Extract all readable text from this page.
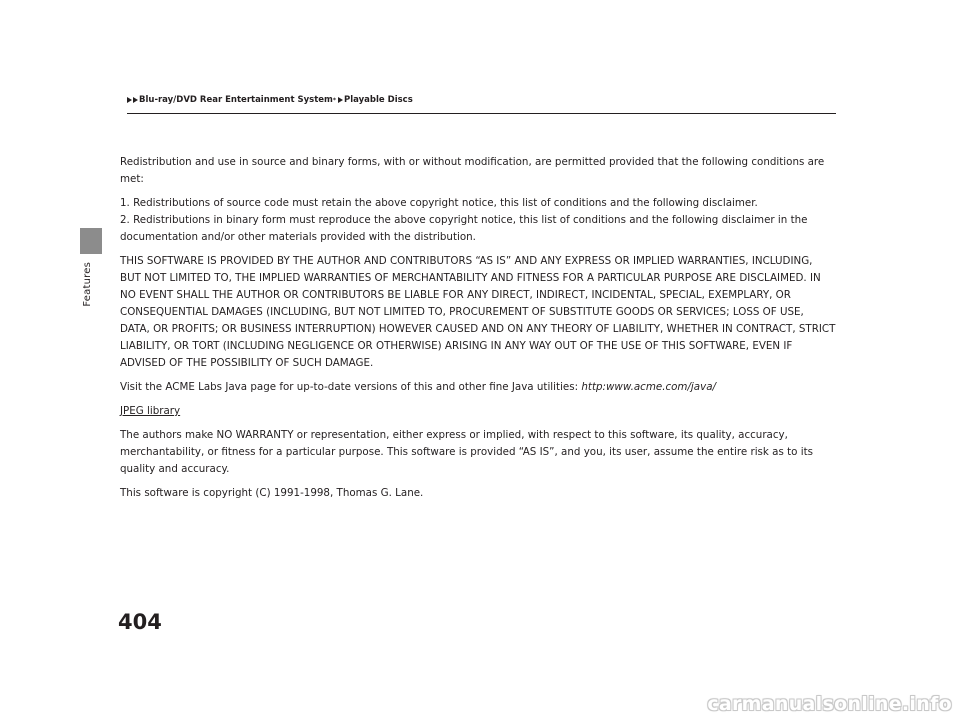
Blu-ray/DVD Rear Entertainment System * Playable Discs
Features

Redistribution and use in source and binary forms, with or without modification, are permitted provided that the following conditions are met:

1. Redistributions of source code must retain the above copyright notice, this list of conditions and the following disclaimer.

2. Redistributions in binary form must reproduce the above copyright notice, this list of conditions and the following disclaimer in the documentation and/or other materials provided with the distribution.

THIS SOFTWARE IS PROVIDED BY THE AUTHOR AND CONTRIBUTORS “AS IS” AND ANY EXPRESS OR IMPLIED WARRANTIES, INCLUDING, BUT NOT LIMITED TO, THE IMPLIED WARRANTIES OF MERCHANTABILITY AND FITNESS FOR A PARTICULAR PURPOSE ARE DISCLAIMED. IN NO EVENT SHALL THE AUTHOR OR CONTRIBUTORS BE LIABLE FOR ANY DIRECT, INDIRECT, INCIDENTAL, SPECIAL, EXEMPLARY, OR CONSEQUENTIAL DAMAGES (INCLUDING, BUT NOT LIMITED TO, PROCUREMENT OF SUBSTITUTE GOODS OR SERVICES; LOSS OF USE, DATA, OR PROFITS; OR BUSINESS INTERRUPTION) HOWEVER CAUSED AND ON ANY THEORY OF LIABILITY, WHETHER IN CONTRACT, STRICT LIABILITY, OR TORT (INCLUDING NEGLIGENCE OR OTHERWISE) ARISING IN ANY WAY OUT OF THE USE OF THIS SOFTWARE, EVEN IF ADVISED OF THE POSSIBILITY OF SUCH DAMAGE.

Visit the ACME Labs Java page for up-to-date versions of this and other fine Java utilities: http:www.acme.com/java/

JPEG library

The authors make NO WARRANTY or representation, either express or implied, with respect to this software, its quality, accuracy, merchantability, or fitness for a particular purpose. This software is provided “AS IS”, and you, its user, assume the entire risk as to its quality and accuracy.

This software is copyright (C) 1991-1998, Thomas G. Lane.

404
carmanualsonline.info
